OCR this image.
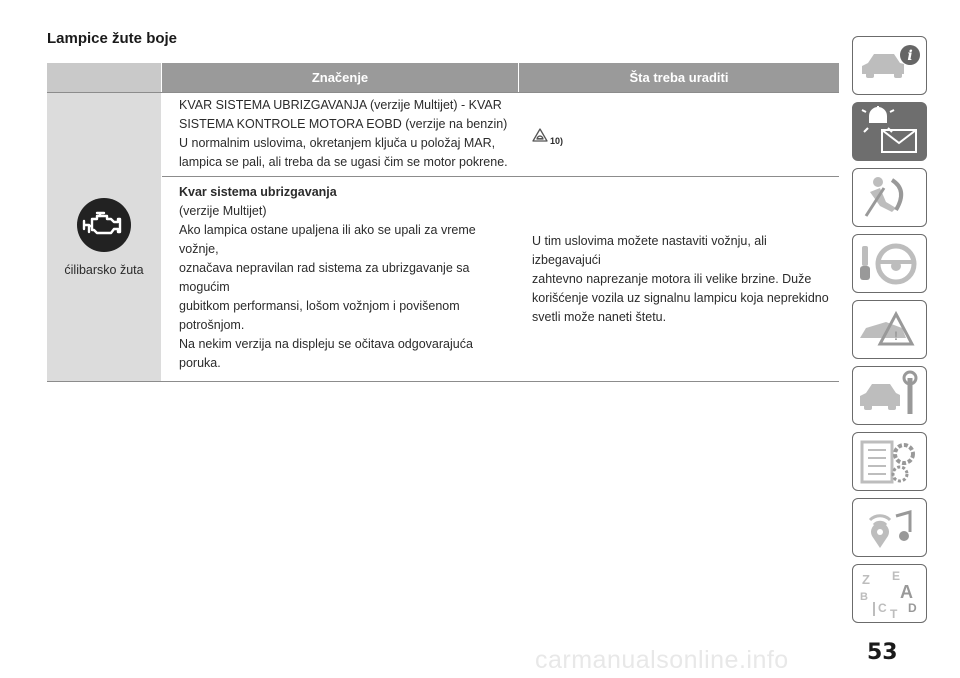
Lampice žute boje
Značenje	Šta treba uraditi
ćilibarsko žuta
KVAR SISTEMA UBRIZGAVANJA (verzije Multijet) - KVAR
SISTEMA KONTROLE MOTORA EOBD (verzije na benzin)
U normalnim uslovima, okretanjem ključa u položaj MAR,
lampica se pali, ali treba da se ugasi čim se motor pokrene.
10)
Kvar sistema ubrizgavanja
(verzije Multijet)
Ako lampica ostane upaljena ili ako se upali za vreme vožnje,
označava nepravilan rad sistema za ubrizgavanje sa mogućim
gubitkom performansi, lošom vožnjom i povišenom
potrošnjom.
Na nekim verzija na displeju se očitava odgovarajuća poruka.
U tim uslovima možete nastaviti vožnju, ali izbegavajući
zahtevno naprezanje motora ili velike brzine. Duže
korišćenje vozila uz signalnu lampicu koja neprekidno
svetli može naneti štetu.
i
!
Z E
A
B
C D
T
53
carmanualsonline.info
